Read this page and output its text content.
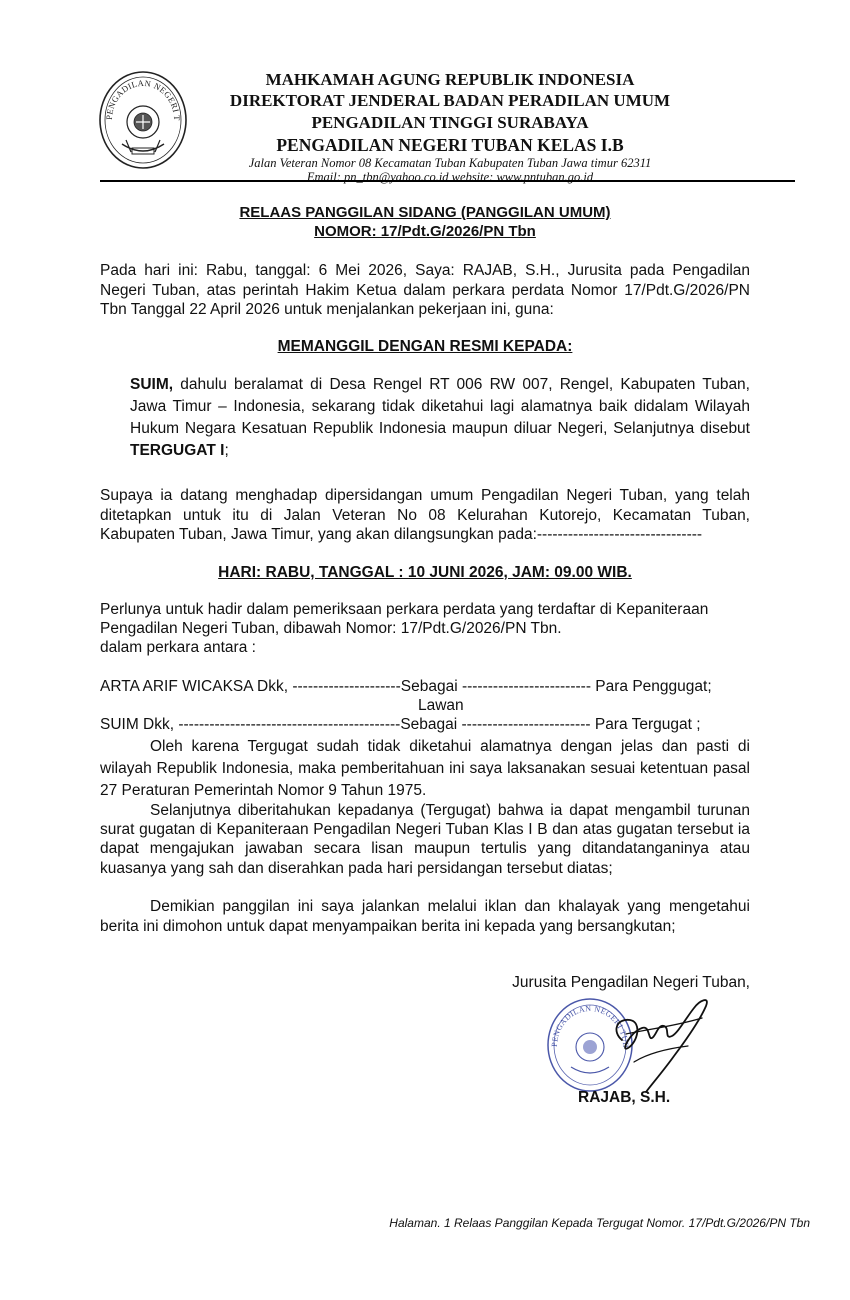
PENGADILAN NEGERI T
MAHKAMAH AGUNG REPUBLIK INDONESIA
DIREKTORAT JENDERAL BADAN PERADILAN UMUM
PENGADILAN TINGGI SURABAYA
PENGADILAN NEGERI TUBAN KELAS I.B
Jalan Veteran Nomor 08 Kecamatan Tuban Kabupaten Tuban Jawa timur 62311
Email: pn_tbn@yahoo.co.id website: www.pntuban.go.id
RELAAS PANGGILAN SIDANG (PANGGILAN UMUM)
NOMOR: 17/Pdt.G/2026/PN Tbn
Pada hari ini: Rabu, tanggal: 6 Mei 2026, Saya: RAJAB, S.H., Jurusita pada Pengadilan Negeri Tuban, atas perintah Hakim Ketua dalam perkara perdata Nomor 17/Pdt.G/2026/PN Tbn Tanggal 22 April 2026 untuk menjalankan pekerjaan ini, guna:
MEMANGGIL DENGAN RESMI KEPADA:
SUIM, dahulu beralamat di Desa Rengel RT 006 RW 007, Rengel, Kabupaten Tuban, Jawa Timur – Indonesia, sekarang tidak diketahui lagi alamatnya baik didalam Wilayah Hukum Negara Kesatuan Republik Indonesia maupun diluar Negeri, Selanjutnya disebut TERGUGAT I;
Supaya ia datang menghadap dipersidangan umum Pengadilan Negeri Tuban, yang telah ditetapkan untuk itu di Jalan Veteran No 08 Kelurahan Kutorejo, Kecamatan Tuban, Kabupaten Tuban, Jawa Timur, yang akan dilangsungkan pada:--------------------------------
HARI: RABU, TANGGAL : 10 JUNI 2026, JAM: 09.00 WIB.
Perlunya untuk hadir dalam pemeriksaan perkara perdata yang terdaftar di Kepaniteraan
Pengadilan Negeri Tuban, dibawah Nomor: 17/Pdt.G/2026/PN Tbn.
dalam perkara antara :
ARTA ARIF WICAKSA Dkk, ---------------------Sebagai ------------------------- Para Penggugat;
Lawan
SUIM Dkk, -------------------------------------------Sebagai ------------------------- Para Tergugat ;
Oleh karena Tergugat sudah tidak diketahui alamatnya dengan jelas dan pasti di wilayah Republik Indonesia, maka pemberitahuan ini saya laksanakan sesuai ketentuan pasal 27 Peraturan Pemerintah Nomor 9 Tahun 1975.
Selanjutnya diberitahukan kepadanya (Tergugat) bahwa ia dapat mengambil turunan surat gugatan di Kepaniteraan Pengadilan Negeri Tuban Klas I B dan atas gugatan tersebut ia dapat mengajukan jawaban secara lisan maupun tertulis yang ditandatanganinya atau kuasanya yang sah dan diserahkan pada hari persidangan tersebut diatas;
Demikian panggilan ini saya jalankan melalui iklan dan khalayak yang mengetahui berita ini dimohon untuk dapat menyampaikan berita ini kepada yang bersangkutan;
Jurusita Pengadilan Negeri Tuban,
PENGADILAN NEGERI TUB
RAJAB, S.H.
Halaman. 1 Relaas Panggilan Kepada Tergugat Nomor. 17/Pdt.G/2026/PN Tbn
